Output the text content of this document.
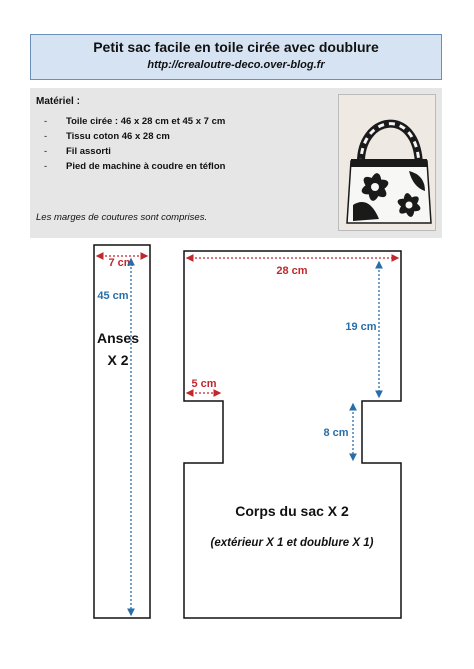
Petit sac facile en toile cirée avec doublure
http://crealoutre-deco.over-blog.fr
Matériel :
- Toile cirée : 46 x 28 cm et 45 x 7 cm
- Tissu coton 46 x 28 cm
- Fil assorti
- Pied de machine à coudre en téflon
Les marges de coutures sont comprises.
7 cm
45 cm
Anses
X 2
28 cm
19 cm
5 cm
8 cm
Corps du sac X 2
(extérieur X 1 et doublure X 1)
